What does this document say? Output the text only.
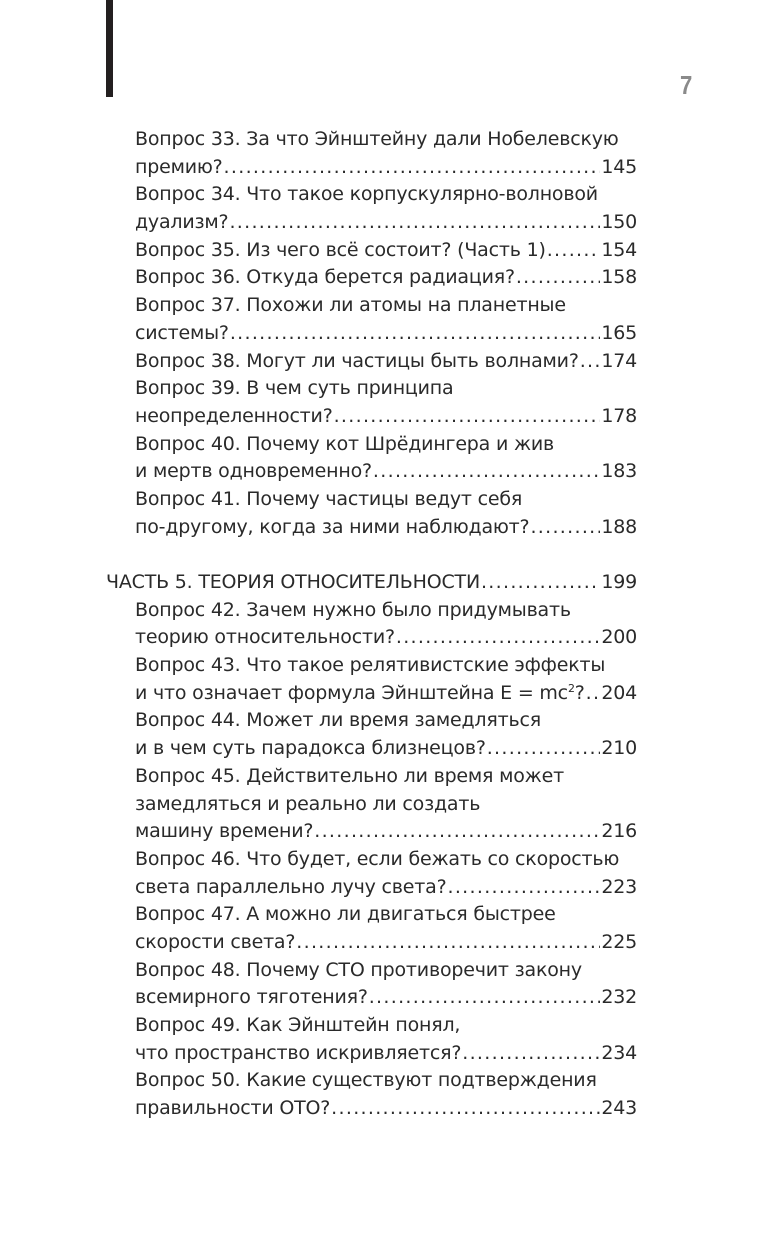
7
Вопрос 33. За что Эйнштейну дали Нобелевскую
премию? .....	145
Вопрос 34. Что такое корпускулярно-волновой
дуализм? .....	150
Вопрос 35. Из чего всё состоит? (Часть 1) .....	154
Вопрос 36. Откуда берется радиация? .....	158
Вопрос 37. Похожи ли атомы на планетные
системы? .....	165
Вопрос 38. Могут ли частицы быть волнами? ..... 174
Вопрос 39. В чем суть принципа
неопределенности? .....	178
Вопрос 40. Почему кот Шрёдингера и жив
и мертв одновременно? .....	183
Вопрос 41. Почему частицы ведут себя
по-другому, когда за ними наблюдают? .....	188
ЧАСТЬ 5. ТЕОРИЯ ОТНОСИТЕЛЬНОСТИ .....	199
Вопрос 42. Зачем нужно было придумывать
теорию относительности? .....	200
Вопрос 43. Что такое релятивистские эффекты
и что означает формула Эйнштейна $E = mc^2$? ..... 204
Вопрос 44. Может ли время замедляться
и в чем суть парадокса близнецов? .....	210
Вопрос 45. Действительно ли время может
замедляться и реально ли создать
машину времени? .....	216
Вопрос 46. Что будет, если бежать со скоростью
света параллельно лучу света? .....	223
Вопрос 47. А можно ли двигаться быстрее
скорости света? .....	225
Вопрос 48. Почему СТО противоречит закону
всемирного тяготения? .....	232
Вопрос 49. Как Эйнштейн понял,
что пространство искривляется? .....	234
Вопрос 50. Какие существуют подтверждения
правильности ОТО? .....	243
